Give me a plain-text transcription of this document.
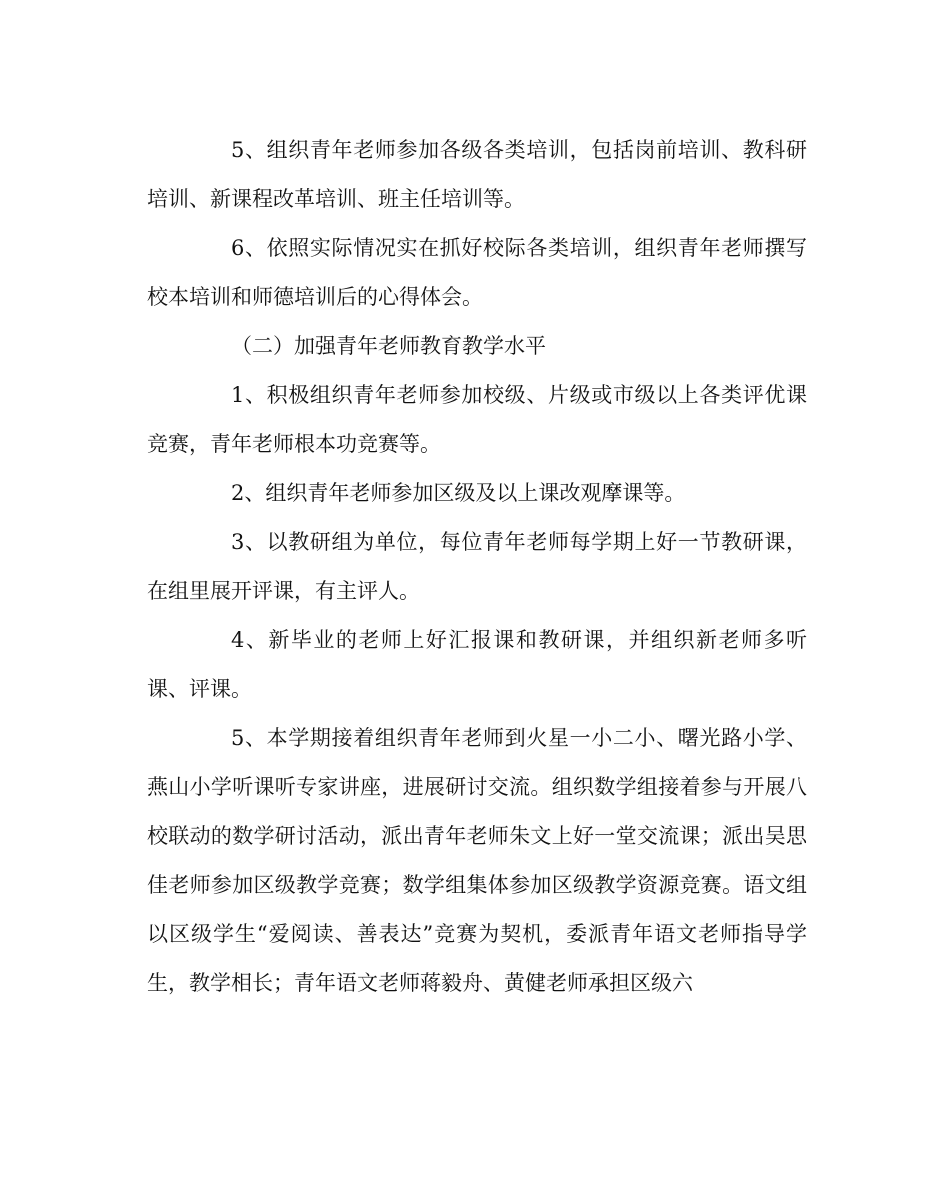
5、组织青年老师参加各级各类培训，包括岗前培训、教科研培训、新课程改革培训、班主任培训等。

6、依照实际情况实在抓好校际各类培训，组织青年老师撰写校本培训和师德培训后的心得体会。

（二）加强青年老师教育教学水平

1、积极组织青年老师参加校级、片级或市级以上各类评优课竞赛，青年老师根本功竞赛等。

2、组织青年老师参加区级及以上课改观摩课等。

3、以教研组为单位，每位青年老师每学期上好一节教研课，在组里展开评课，有主评人。

4、新毕业的老师上好汇报课和教研课，并组织新老师多听课、评课。

5、本学期接着组织青年老师到火星一小二小、曙光路小学、燕山小学听课听专家讲座，进展研讨交流。组织数学组接着参与开展八校联动的数学研讨活动，派出青年老师朱文上好一堂交流课；派出吴思佳老师参加区级教学竞赛；数学组集体参加区级教学资源竞赛。语文组以区级学生“爱阅读、善表达”竞赛为契机，委派青年语文老师指导学生，教学相长；青年语文老师蒋毅舟、黄健老师承担区级六
